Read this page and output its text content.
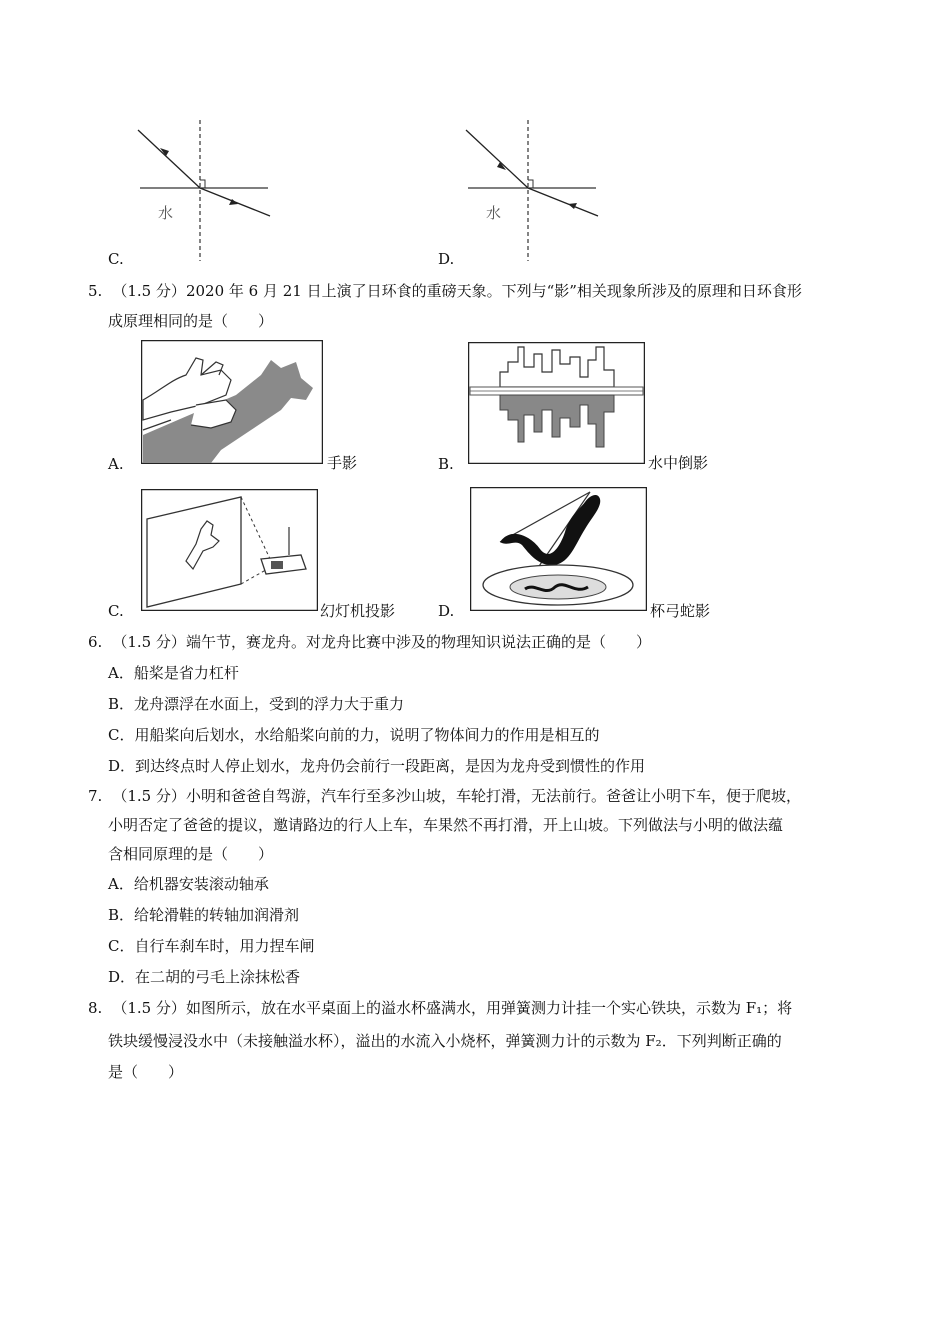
水
C.
水
D.
5. （1.5 分）2020 年 6 月 21 日上演了日环食的重磅天象。下列与“影”相关现象所涉及的原理和日环食形
成原理相同的是（　　）
A.	手影	B.	水中倒影
C.	幻灯机投影	D.	杯弓蛇影
6. （1.5 分）端午节，赛龙舟。对龙舟比赛中涉及的物理知识说法正确的是（　　）
A．船桨是省力杠杆
B．龙舟漂浮在水面上，受到的浮力大于重力
C．用船桨向后划水，水给船桨向前的力，说明了物体间力的作用是相互的
D．到达终点时人停止划水，龙舟仍会前行一段距离，是因为龙舟受到惯性的作用
7. （1.5 分）小明和爸爸自驾游，汽车行至多沙山坡，车轮打滑，无法前行。爸爸让小明下车，便于爬坡，
小明否定了爸爸的提议，邀请路边的行人上车，车果然不再打滑，开上山坡。下列做法与小明的做法蕴
含相同原理的是（　　）
A．给机器安装滚动轴承
B．给轮滑鞋的转轴加润滑剂
C．自行车刹车时，用力捏车闸
D．在二胡的弓毛上涂抹松香
8. （1.5 分）如图所示，放在水平桌面上的溢水杯盛满水，用弹簧测力计挂一个实心铁块，示数为 F₁；将
铁块缓慢浸没水中（未接触溢水杯），溢出的水流入小烧杯，弹簧测力计的示数为 F₂．下列判断正确的
是（　　）
